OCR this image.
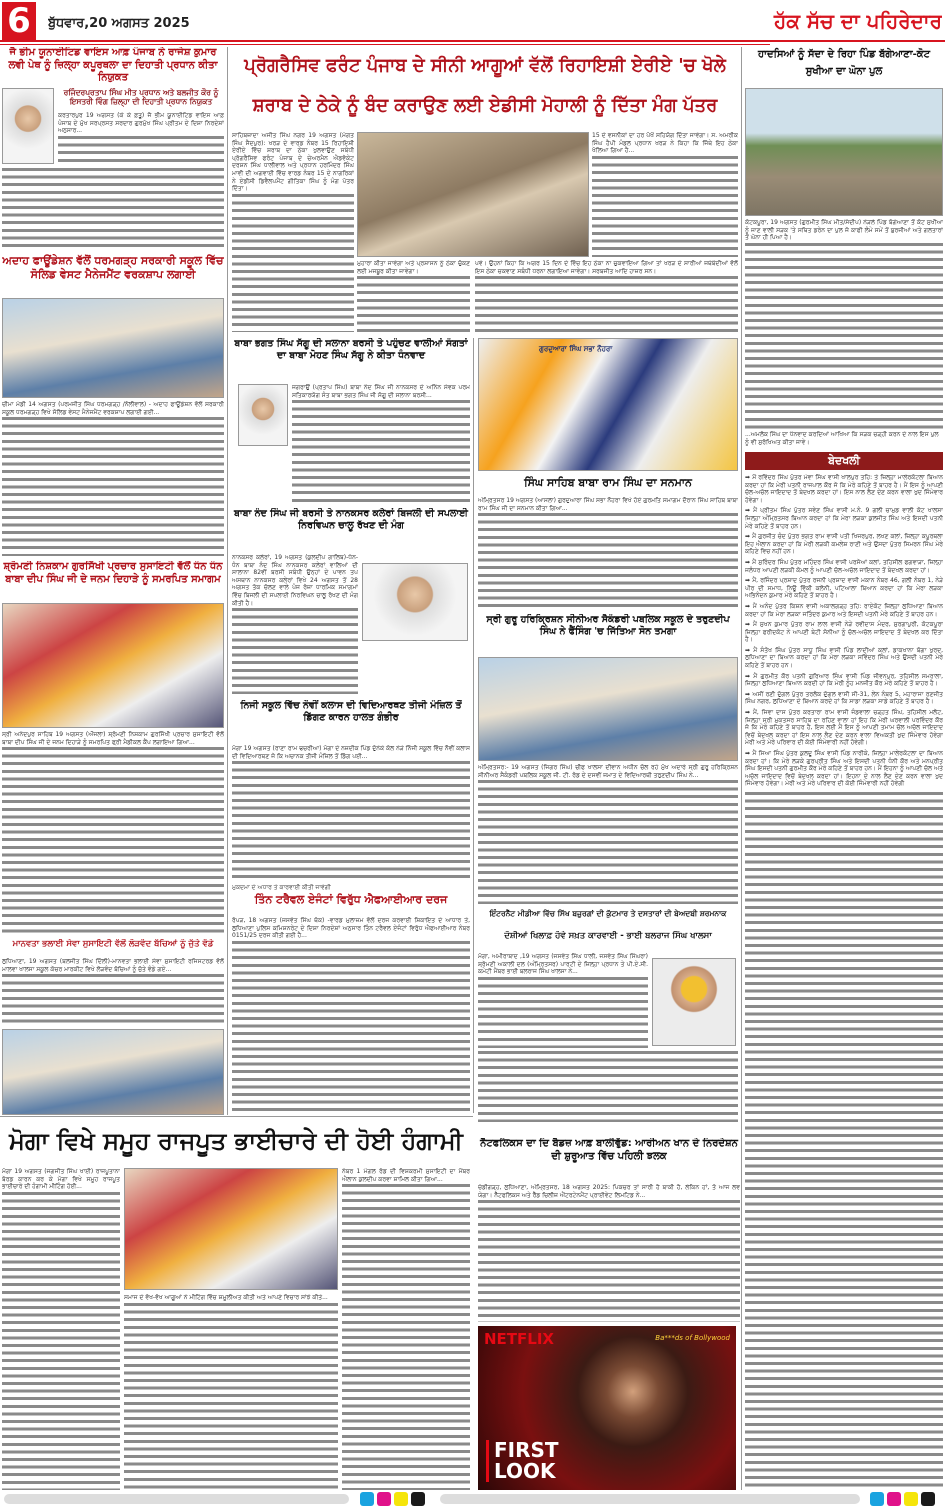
6	ਬੁੱਧਵਾਰ,20 ਅਗਸਤ 2025	ਹੱਕ ਸੱਚ ਦਾ ਪਹਿਰੇਦਾਰ
ਜੈ ਭੀਮ ਯੂਨਾਈਟਿਡ ਵਾਇਸ ਆਫ਼ ਪੰਜਾਬ ਨੇ ਰਾਜੇਸ਼ ਕੁਮਾਰ ਲਵੀ ਪੇਥ ਨੂੰ ਜ਼ਿਲ੍ਹਾ ਕਪੂਰਥਲਾ ਦਾ ਦਿਹਾਤੀ ਪ੍ਰਧਾਨ ਕੀਤਾ ਨਿਯੁਕਤ
ਰਜਿੰਦਰਪ੍ਰਤਾਪ ਸਿੰਘ ਮੀਤ ਪ੍ਰਧਾਨ ਅਤੇ ਬਲਜੀਤ ਕੌਰ ਨੂੰ ਇਸਤਰੀ ਵਿੰਗ ਜ਼ਿਲ੍ਹਾ ਦੀ ਦਿਹਾਤੀ ਪ੍ਰਧਾਨ ਨਿਯੁਕਤ

ਕਰਤਾਰਪੁਰ 19 ਅਗਸਤ (ਕੇ ਕੇ ਫ਼ਤੂ) ਜੈ ਭੀਮ ਯੂਨਾਈਟਿਡ ਵਾਇਸ ਆਫ਼ ਪੰਜਾਬ ਦੇ ਮੁੱਖ ਸਰਪ੍ਰਸਤ ਸਰਦਾਰ ਗੁਰਮੁੱਖ ਸਿੰਘ ਪ੍ਰੀਤਮ ਦੇ ਦਿਸ਼ਾ ਨਿਰਦੇਸ਼ਾਂ ਅਨੁਸਾਰ...

ਅਦਾਹ ਫਾਊਂਡੇਸ਼ਨ ਵੱਲੋਂ ਧਰਮਗੜ੍ਹ ਸਰਕਾਰੀ ਸਕੂਲ ਵਿੱਚ ਸੋਲਿਡ ਵੇਸਟ ਮੈਨੇਜਮੈਂਟ ਵਰਕਸ਼ਾਪ ਲਗਾਈ

ਚੀਮਾ ਮੰਡੀ 14 ਅਗਸਤ (ਪਰਮਜੀਤ ਸਿੰਘ ਧਰਮਗੜ੍ਹ /ਨੋਲੀਵਾਲ) - ਅਦਾਹ ਫਾਊਂਡੇਸ਼ਨ ਵੱਲੋਂ ਸਰਕਾਰੀ ਸਕੂਲ ਧਰਮਗੜ੍ਹ ਵਿਖੇ ਸੋਲਿਡ ਵੇਸਟ ਮੈਨੇਜਮੈਂਟ ਵਰਕਸ਼ਾਪ ਲਗਾਈ ਗਈ...

ਸ਼੍ਰੋਮਣੀ ਨਿਸ਼ਕਾਮ ਗੁਰਸਿੱਖੀ ਪ੍ਰਚਾਰ ਸੁਸਾਇਟੀ ਵੱਲੋਂ ਧੰਨ ਧੰਨ ਬਾਬਾ ਦੀਪ ਸਿੰਘ ਜੀ ਦੇ ਜਨਮ ਦਿਹਾੜੇ ਨੂੰ ਸਮਰਪਿਤ ਸਮਾਗਮ

ਸ੍ਰੀ ਅਨੰਦਪੁਰ ਸਾਹਿਬ 19 ਅਗਸਤ (ਔਜਲਾ) ਸ਼੍ਰੋਮਣੀ ਨਿਸ਼ਕਾਮ ਗੁਰਸਿੱਖੀ ਪ੍ਰਚਾਰ ਸੁਸਾਇਟੀ ਵੱਲੋਂ ਬਾਬਾ ਦੀਪ ਸਿੰਘ ਜੀ ਦੇ ਜਨਮ ਦਿਹਾੜੇ ਨੂੰ ਸਮਰਪਿਤ ਫ੍ਰੀ ਮੈਡੀਕਲ ਕੈਂਪ ਲਗਾਇਆ ਗਿਆ...

ਮਾਨਵਤਾ ਭਲਾਈ ਸੇਵਾ ਸੁਸਾਇਟੀ ਵੱਲੋਂ ਲੋੜਵੰਦ ਬੱਚਿਆਂ ਨੂੰ ਜੁੱਤੇ ਵੰਡੇ

ਲੁਧਿਆਣਾ, 19 ਅਗਸਤ (ਬਲਜੀਤ ਸਿੰਘ ਦਿੱਲੀ)-ਮਾਨਵਤਾ ਭਲਾਈ ਸੇਵਾ ਸੁਸਾਇਟੀ ਰਜਿਸਟਰਡ ਵੱਲੋਂ ਮਾਲਵਾ ਖਾਲਸਾ ਸਕੂਲ ਕੋਚਰ ਮਾਰਕੀਟ ਵਿਖੇ ਲੋੜਵੰਦ ਬੱਚਿਆਂ ਨੂੰ ਜੁੱਤੇ ਵੰਡੇ ਗਏ...

ਪ੍ਰੋਗਰੈਸਿਵ ਫਰੰਟ ਪੰਜਾਬ ਦੇ ਸੀਨੀ ਆਗੂਆਂ ਵੱਲੋਂ ਰਿਹਾਇਸ਼ੀ ਏਰੀਏ 'ਚ ਖੋਲੇ ਸ਼ਰਾਬ ਦੇ ਠੇਕੇ ਨੂੰ ਬੰਦ ਕਰਾਉਣ ਲਈ ਏਡੀਸੀ ਮੋਹਾਲੀ ਨੂੰ ਦਿੱਤਾ ਮੰਗ ਪੱਤਰ

ਸਾਹਿਬਜ਼ਾਦਾ ਅਜੀਤ ਸਿੰਘ ਨਗਰ 19 ਅਗਸਤ (ਮੰਗਤ ਸਿੰਘ ਸੈਦਪੁਰ): ਖਰੜ ਦੇ ਵਾਰਡ ਨੰਬਰ 15 ਰਿਹਾਇਸ਼ੀ ਏਰੀਏ ਵਿੱਚ ਸ਼ਰਾਬ ਦਾ ਠੇਕਾ ਖੁਲਵਾਉਣ ਸਬੰਧੀ ਪ੍ਰੋਗਰੈਸਿਵ ਫਰੰਟ ਪੰਜਾਬ ਦੇ ਚੇਅਰਮੈਨ ਐਡਵੋਕੇਟ ਦਰਸ਼ਨ ਸਿੰਘ ਧਾਲੀਵਾਲ ਅਤੇ ਪ੍ਰਧਾਨ ਹਰਮਿੰਦਰ ਸਿੰਘ ਮਾਵੀ ਦੀ ਅਗਵਾਈ ਵਿੱਚ ਵਾਰਡ ਨੰਬਰ 15 ਦੇ ਨਾਗਰਿਕਾਂ ਨੇ ਏਡੀਸੀ ਡਿਵੈਲਪਮੈਂਟ ਗੀਤਿਕਾ ਸਿੰਘ ਨੂੰ ਮੰਗ ਪੱਤਰ ਦਿੱਤਾ।

ਮੁਹਾਰਾ ਕੀਤਾ ਜਾਵੇਗਾ ਅਤੇ ਪ੍ਰਸ਼ਾਸਨ ਨੂੰ ਠੇਕਾ ਚੁੱਕਣ ਲਈ ਮਜਬੂਰ ਕੀਤਾ ਜਾਵੇਗਾ।

15 ਦੇ ਵਸਨੀਕਾਂ ਦਾ ਹਰ ਪੱਖੋਂ ਸਹਿਯੋਗ ਦਿੱਤਾ ਜਾਵੇਗਾ। ਸ. ਅਮਰੀਕ ਸਿੰਘ ਹੈਪੀ ਮੰਡਲ ਪ੍ਰਧਾਨ ਖਰੜ ਨੇ ਕਿਹਾ ਕਿ ਜਿੱਥੇ ਇਹ ਠੇਕਾ ਖੋਲਿਆ ਗਿਆ ਹੈ...

ਪਵੇ। ਉਹਨਾਂ ਕਿਹਾ ਕਿ ਅਗਰ 15 ਦਿਨ ਦੇ ਵਿੱਚ ਇਹ ਠੇਕਾ ਨਾ ਚੁਕਵਾਇਆ ਗਿਆ ਤਾਂ ਖਰੜ ਦੇ ਸਾਰੀਆਂ ਜਥੇਬੰਦੀਆਂ ਵੱਲੋਂ ਇਸ ਠੇਕਾ ਚਕਵਾਣ ਸਬੰਧੀ ਧਰਨਾ ਲਗਾਇਆ ਜਾਵੇਗਾ। ਸਰਬਜੀਤ ਆਦਿ ਹਾਜ਼ਰ ਸਨ।

ਬਾਬਾ ਭਗਤ ਸਿੰਘ ਸੱਗੂ ਦੀ ਸਲਾਨਾ ਬਰਸੀ ਤੇ ਪਹੁੰਚਣ ਵਾਲੀਆਂ ਸੰਗਤਾਂ ਦਾ ਬਾਬਾ ਮੋਹਣ ਸਿੰਘ ਸੱਗੂ ਨੇ ਕੀਤਾ ਧੰਨਵਾਦ

ਜਗਰਾਉਂ (ਪ੍ਰਤਾਪ ਸਿੰਘ) ਬਾਬਾ ਨੰਦ ਸਿੰਘ ਜੀ ਨਾਨਕਸਰ ਦੇ ਅਨਿੰਨ ਸੇਵਕ ਪਰਮ ਸਤਿਕਾਰਯੋਗ ਸੰਤ ਬਾਬਾ ਭਗਤ ਸਿੰਘ ਜੀ ਸੱਗੂ ਦੀ ਸਲਾਨਾ ਬਰਸੀ...

ਬਾਬਾ ਨੰਦ ਸਿੰਘ ਜੀ ਬਰਸੀ ਤੇ ਨਾਨਕਸਰ ਕਲੇਰਾਂ ਬਿਜਲੀ ਦੀ ਸਪਲਾਈ ਨਿਰਵਿਘਨ ਚਾਲੂ ਰੱਖਣ ਦੀ ਮੰਗ

ਨਾਨਕਸਰ ਕਲੇਰਾਂ, 19 ਅਗਸਤ (ਕੁਲਦੀਪ ਗਾਲਿਬ)-ਧੰਨ-ਧੰਨ ਬਾਬਾ ਨੰਦ ਸਿੰਘ ਨਾਨਕਸਰ ਕਲੇਰਾਂ ਵਾਲਿਆਂ ਦੀ ਸਾਲਾਨਾ 82ਵੀਂ ਬਰਸੀ ਸਬੰਧੀ ਉਨ੍ਹਾਂ ਦੇ ਪਾਵਨ ਤਪ ਅਸਥਾਨ ਨਾਨਕਸਰ ਕਲੇਰਾਂ ਵਿਖੇ 24 ਅਗਸਤ ਤੋਂ 28 ਅਗਸਤ ਤੱਕ ਚੱਲਣ ਵਾਲੇ ਪੰਜ ਰੋਜ਼ਾ ਧਾਰਮਿਕ ਸਮਾਗਮਾਂ ਵਿੱਚ ਬਿਜਲੀ ਦੀ ਸਪਲਾਈ ਨਿਰਵਿਘਨ ਚਾਲੂ ਰੱਖਣ ਦੀ ਮੰਗ ਕੀਤੀ ਹੈ।

ਨਿਜੀ ਸਕੂਲ ਵਿੱਚ ਨੌਵੀਂ ਕਲਾਸ ਦੀ ਵਿਦਿਆਰਥਣ ਤੀਜੀ ਮੰਜ਼ਿਲ ਤੋਂ ਡਿੱਗਣ ਕਾਰਨ ਹਾਲਤ ਗੰਭੀਰ

ਮੋਗਾ 19 ਅਗਸਤ (ਰਾਣਾ ਰਾਮ ਢਚਰੀਆ) ਮੋਗਾ ਦੇ ਨਜ਼ਦੀਕ ਪਿੰਡ ਦੁੱਨੇਕੇ ਕੋਲ ਨੇੜੇ ਨਿੱਜੀ ਸਕੂਲ ਵਿੱਚ ਨੌਵੀਂ ਕਲਾਸ ਦੀ ਵਿਦਿਆਰਥਣ ਜੋ ਕਿ ਅਚਾਨਕ ਤੀਜੀ ਮੰਜ਼ਿਲ ਤੋਂ ਡਿੱਗ ਪਈ...

ਮੁਕਦਮਾ ਦੇ ਅਧਾਰ ਤੇ ਕਾਰਵਾਈ ਕੀਤੀ ਜਾਵੇਗੀ
ਤਿੰਨ ਟਰੈਵਲ ਏਜੰਟਾਂ ਵਿਰੁੱਧ ਐਫਆਈਆਰ ਦਰਜ

ਰੋਪੜ, 18 ਅਗਸਤ (ਜਸਵੰਤ ਸਿੰਘ ਥੋਕ) -ਵਾਰਡ ਮੁਲਾਜ਼ਮ ਵੱਲੋਂ ਦਰਜ ਕਰਵਾਈ ਸ਼ਿਕਾਇਤ ਦੇ ਆਧਾਰ ਤੇ, ਲੁਧਿਆਣਾ ਪੁਲਿਸ ਕਮਿਸ਼ਨਰੇਟ ਦੇ ਦਿਸ਼ਾ ਨਿਰਦੇਸ਼ਾਂ ਅਨੁਸਾਰ ਤਿੰਨ ਟਰੈਵਲ ਏਜੰਟਾਂ ਵਿਰੁੱਧ ਐਫਆਈਆਰ ਨੰਬਰ 0151/25 ਦਰਜ ਕੀਤੀ ਗਈ ਹੈ...

ਗੁਰਦੁਆਰਾ ਸਿੰਘ ਸਭਾ ਨੌਹਰਾ
ਸਿੰਘ ਸਾਹਿਬ ਬਾਬਾ ਰਾਮ ਸਿੰਘ ਦਾ ਸਨਮਾਨ

ਅੰਮ੍ਰਿਤਸਰ 19 ਅਗਸਤ (ਆਸਲਾ) ਗੁਰਦੁਆਰਾ ਸਿੰਘ ਸਭਾ ਨੌਹਰਾ ਵਿਖੇ ਹੋਏ ਗੁਰਮਤਿ ਸਮਾਗਮ ਦੌਰਾਨ ਸਿੰਘ ਸਾਹਿਬ ਬਾਬਾ ਰਾਮ ਸਿੰਘ ਜੀ ਦਾ ਸਨਮਾਨ ਕੀਤਾ ਗਿਆ...

ਸ੍ਰੀ ਗੁਰੂ ਹਰਿਕ੍ਰਿਸ਼ਨ ਸੀਨੀਅਰ ਸੈਕੰਡਰੀ ਪਬਲਿਕ ਸਕੂਲ ਦੇ ਤਰੁਣਦੀਪ ਸਿੰਘ ਨੇ ਫੈਂਸਿੰਗ 'ਚ ਜਿੱਤਿਆ ਸੋਨ ਤਮਗਾ

ਅੰਮ੍ਰਿਤਸਰ:- 19 ਅਗਸਤ (ਜਿਗਰ ਸਿੰਘ) ਚੀਫ ਖਾਲਸਾ ਦੀਵਾਨ ਅਧੀਨ ਚੱਲ ਰਹੇ ਮੁੱਖ ਅਦਾਰੇ ਸ੍ਰੀ ਗੁਰੂ ਹਰਿਕ੍ਰਿਸ਼ਨ ਸੀਨੀਅਰ ਸੈਕੰਡਰੀ ਪਬਲਿਕ ਸਕੂਲ ਜੀ. ਟੀ. ਰੋਡ ਦੇ ਦਸਵੀਂ ਜਮਾਤ ਦੇ ਵਿਦਿਆਰਥੀ ਤਰੁਣਦੀਪ ਸਿੰਘ ਨੇ...

ਇੰਟਰਨੈੱਟ ਮੀਡੀਆ ਵਿੱਚ ਸਿੱਖ ਬਜ਼ੁਰਗਾਂ ਦੀ ਕੁੱਟਮਾਰ ਤੇ ਦਸਤਾਰਾਂ ਦੀ ਬੇਅਦਬੀ ਸ਼ਰਮਨਾਕ
ਦੋਸ਼ੀਆਂ ਖਿਲਾਫ਼ ਹੋਵੇ ਸਖ਼ਤ ਕਾਰਵਾਈ - ਭਾਈ ਬਲਰਾਜ ਸਿੰਘ ਖਾਲਸਾ

ਮੋਗਾ, ਅਮੀਰਾਬਾਦ ,19 ਅਗਸਤ (ਜਸਵੰਤ ਸਿੰਘ ਧਾਲੀ, ਜਸਵੰਤ ਸਿੰਘ ਸਿੰਘਰਾ) ਸ਼੍ਰੋਮਣੀ ਅਕਾਲੀ ਦਲ (ਅੰਮ੍ਰਿਤਸਰ) ਪਾਰਟੀ ਦੇ ਜ਼ਿਲ੍ਹਾ ਪ੍ਰਧਾਨ ਤੇ ਪੀ.ਏ.ਸੀ. ਕਮੇਟੀ ਮੈਂਬਰ ਭਾਈ ਬਲਰਾਜ ਸਿੰਘ ਖਾਲਸਾ ਨੇ...

ਮੋਗਾ ਵਿਖੇ ਸਮੂਹ ਰਾਜਪੂਤ ਭਾਈਚਾਰੇ ਦੀ ਹੋਈ ਹੰਗਾਮੀ

ਮੋਗਾ 19 ਅਗਸਤ (ਜਗਜੀਤ ਸਿੰਘ ਖਾਈ) ਰਾਜਪੂਤਾਨਾ ਬੋਰਡ ਕਾਰਨ ਕਰ ਕੇ ਮੋਗਾ ਵਿਖੇ ਸਮੂਹ ਰਾਜਪੂਤ ਭਾਈਚਾਰੇ ਦੀ ਹੰਗਾਮੀ ਮੀਟਿੰਗ ਹੋਈ...

ਨੰਬਰ 1 ਮੰਗਲ ਰੋਡ ਦੀ ਵਿਸ਼ਕਰਮੀ ਸੁਸਾਇਟੀ ਦਾ ਮੈਂਬਰ ਐਲਾਨ ਕੁਲਦੀਪ ਕਰਵਾ ਸ਼ਾਮਿਲ ਕੀਤਾ ਗਿਆ...

ਸਮਾਜ ਦੇ ਵੱਖ-ਵੱਖ ਆਗੂਆਂ ਨੇ ਮੀਟਿੰਗ ਵਿੱਚ ਸ਼ਮੂਲੀਅਤ ਕੀਤੀ ਅਤੇ ਆਪਣੇ ਵਿਚਾਰ ਸਾਂਝੇ ਕੀਤੇ...

ਨੈੱਟਫਲਿਕਸ ਦਾ ਦਿ ਬੈਡਜ਼ ਆਫ਼ ਬਾਲੀਵੁੱਡ: ਆਰੀਅਨ ਖਾਨ ਦੇ ਨਿਰਦੇਸ਼ਨ ਦੀ ਸ਼ੁਰੂਆਤ ਵਿੱਚ ਪਹਿਲੀ ਝਲਕ

ਚੰਡੀਗੜ੍ਹ, ਲੁਧਿਆਣਾ, ਅੰਮ੍ਰਿਤਸਰ, 18 ਅਗਸਤ 2025: ਪਿਕਚਰ ਤਾਂ ਸਾਰੀ ਹੈ ਬਾਕੀ ਹੈ, ਲੇਕਿਨ ਹਾਂ, ਤੋ ਆਜ ਲਵ ਯੇਗਾ। ਨੈੱਟਫਲਿਕਸ ਅਤੇ ਰੈੱਡ ਚਿਲੀਜ਼ ਐਂਟਰਟੇਨਮੈਂਟ ਪ੍ਰਾਈਵੇਟ ਲਿਮਟਿਡ ਨੇ...

NETFLIX	Ba***ds of Bollywood
FIRST
LOOK
ਹਾਦਸਿਆਂ ਨੂੰ ਸੱਦਾ ਦੇ ਰਿਹਾ ਪਿੰਡ ਬੱਗੇਆਣਾ-ਕੋਟ ਸੁਖੀਆ ਦਾ ਘੋਨਾ ਪੁਲ

ਕੋਟਕਪੂਰਾ, 19 ਅਗਸਤ (ਗੁਰਮੀਤ ਸਿੰਘ ਮੀਤ/ਸੰਦੀਪ) ਨੇੜਲੇ ਪਿੰਡ ਬੱਗੇਆਣਾ ਤੋਂ ਕੋਟ ਸੁਖੀਆ ਨੂੰ ਜਾਣ ਵਾਲੀ ਸੜਕ 'ਤੇ ਸਥਿਤ ਡਰੇਨ ਦਾ ਪੁਲ ਜੋ ਕਾਫੀ ਲੰਮੇ ਸਮੇਂ ਤੋਂ ਬੁਰਜੀਆਂ ਅਤੇ ਗਲਤਾਰਾਂ ਤੋਂ ਘੋਨਾ ਹੀ ਪਿਆ ਹੈ।

...ਅਮਲੋਕ ਸਿੰਘ ਦਾ ਧੰਨਵਾਦ ਕਰਦਿਆਂ ਆਖਿਆ ਕਿ ਸੜਕ ਚੜ੍ਹੀ ਕਰਨ ਦੇ ਨਾਲ ਇਸ ਪੁਲ ਨੂੰ ਵੀ ਸੁਰੱਖਿਅਤ ਕੀਤਾ ਜਾਵੇ।
ਬੇਦਖਲੀ

➡ ਮੈਂ ਰਵਿੰਦਰ ਸਿੰਘ ਪੁੱਤਰ ਮੇਵਾ ਸਿੰਘ ਵਾਸੀ ਖਾਲਪੁਰ ਤਹਿ: ਤੇ ਜ਼ਿਲ੍ਹਾ ਮਾਲੇਰਕੋਟਲਾ ਬਿਆਨ ਕਰਦਾ ਹਾਂ ਕਿ ਮੇਰੀ ਪਤਨੀ ਰਾਜਪਾਲ ਕੌਰ ਜੋ ਕਿ ਮੇਰੇ ਕਹਿਣੇ ਤੋਂ ਬਾਹਰ ਹੈ। ਮੈਂ ਇਸ ਨੂੰ ਆਪਣੀ ਚੱਲ-ਅਚੱਲ ਜਾਇਦਾਦ ਤੋਂ ਬੇਦਖਲ ਕਰਦਾ ਹਾਂ। ਇਸ ਨਾਲ ਲੈਣ ਦੇਣ ਕਰਨ ਵਾਲਾ ਖੁਦ ਜਿੰਮੇਵਾਰ ਹੋਵੇਗਾ।

➡ ਮੈਂ ਪ੍ਰੀਤਮ ਸਿੰਘ ਪੁੱਤਰ ਸਵੇਣ ਸਿੰਘ ਵਾਸੀ ਮ.ਨੰ. 9 ਗਲੀ ਚਾਮੁਡ ਵਾਲੀ ਕੋਟ ਖਾਲਸਾ ਜ਼ਿਲ੍ਹਾ ਅੰਮ੍ਰਿਤਸਰ ਬਿਆਨ ਕਰਦਾ ਹਾਂ ਕਿ ਮੇਰਾ ਲੜਕਾ ਕੁਲਜੀਤ ਸਿੰਘ ਅਤੇ ਇਸਦੀ ਪਤਨੀ ਮੇਰੇ ਕਹਿਣੇ ਤੋਂ ਬਾਹਰ ਹਨ।

➡ ਮੈਂ ਗੁਰਜੀਤ ਚੰਦ ਪੁੱਤਰ ਭਗਤ ਰਾਮ ਵਾਸੀ ਪਤੀ ਖਿਜਰਪੁਰ, ਲਖਣ ਕਲਾਂ, ਜ਼ਿਲ੍ਹਾ ਕਪੂਰਥਲਾ ਇਹ ਐਲਾਨ ਕਰਦਾ ਹਾਂ ਕਿ ਮੇਰੀ ਲੜਕੀ ਕਮਲੇਸ਼ ਰਾਣੀ ਅਤੇ ਉਸਦਾ ਪੁੱਤਰ ਸਿਮਰਨ ਸਿੰਘ ਮੇਰੇ ਕਹਿਣੇ ਵਿਚ ਨਹੀਂ ਹਨ।

➡ ਮੈਂ ਸੁਰਿੰਦਰ ਸਿੰਘ ਪੁੱਤਰ ਮਹਿੰਦਰ ਸਿੰਘ ਵਾਸੀ ਪਰਸੋਆਂ ਕਲਾਂ, ਤਹਿਸੀਲ ਫਗਵਾੜਾ, ਜ਼ਿਲ੍ਹਾ ਜਲੰਧਰ ਆਪਣੀ ਲੜਕੀ ਕੋਮਲ ਨੂੰ ਆਪਣੀ ਚੱਲ-ਅਚੱਲ ਜਾਇਦਾਦ ਤੋਂ ਬੇਦਖਲ ਕਰਦਾ ਹਾਂ।

➡ ਮੈਂ, ਰਜਿੰਦਰ ਪ੍ਰਸ਼ਾਦ ਪੁੱਤਰ ਰਜਨੀ ਪ੍ਰਸ਼ਾਦ ਵਾਸੀ ਮਕਾਨ ਨੰਬਰ 46, ਗਲੀ ਨੰਬਰ 1, ਨੇੜੇ ਪੀਰ ਦੀ ਸਮਾਧ, ਨਿਊ ਵਿੱਕੀ ਕਲੋਨੀ, ਪਟਿਆਲਾ ਬਿਆਨ ਕਰਦਾ ਹਾਂ ਕਿ ਮੇਰਾ ਲੜਕਾ ਅਭਿਨੰਦਨ ਕੁਮਾਰ ਮੇਰੇ ਕਹਿਣੇ ਤੋਂ ਬਾਹਰ ਹੈ।

➡ ਮੈਂ ਅਨੰਦ ਪੁੱਤਰ ਕਿਸ਼ਨ ਵਾਸੀ ਅਕਾਲਗੜ੍ਹ ਤਹਿ: ਰਾਏਕੋਟ ਜ਼ਿਲ੍ਹਾ ਲੁਧਿਆਣਾ ਬਿਆਨ ਕਰਦਾ ਹਾਂ ਕਿ ਮੇਰਾ ਲੜਕਾ ਜਤਿੰਦਰ ਕੁਮਾਰ ਅਤੇ ਇਸਦੀ ਪਤਨੀ ਮੇਰੇ ਕਹਿਣੇ ਤੋਂ ਬਾਹਰ ਹਨ।

➡ ਮੈਂ ਸੁਖਨ ਕੁਮਾਰ ਪੁੱਤਰ ਰਾਮ ਲਾਲ ਵਾਸੀ ਨੇੜੇ ਰਵੀਦਾਸ ਮੰਦਰ, ਸੁਰਗਾਪੁਰੀ, ਕੋਟਕਪੂਰਾ ਜ਼ਿਲ੍ਹਾ ਫਰੀਦਕੋਟ ਨੇ ਆਪਣੀ ਬੇਟੀ ਸੋਨੀਆ ਨੂੰ ਚੱਲ-ਅਚੱਲ ਜਾਇਦਾਦ ਤੋਂ ਬੇਦਖਲ ਕਰ ਦਿੱਤਾ ਹੈ।

➡ ਮੈਂ ਸੰਤੋਖ ਸਿੰਘ ਪੁੱਤਰ ਸਾਧੂ ਸਿੰਘ ਵਾਸੀ ਪਿੰਡ ਲਾਦੀਆਂ ਕਲਾਂ, ਡਾਕਖਾਨਾ ਬੱਗਾ ਖੁਰਦ, ਲੁਧਿਆਣਾ ਦਾ ਬਿਆਨ ਕਰਦਾ ਹਾਂ ਕਿ ਮੇਰਾ ਲੜਕਾ ਸਵਿੰਦਰ ਸਿੰਘ ਅਤੇ ਉਸਦੀ ਪਤਨੀ ਮੇਰੇ ਕਹਿਣੇ ਤੋਂ ਬਾਹਰ ਹਨ।

➡ ਮੈਂ ਗੁਰਮੀਤ ਕੌਰ ਪਤਨੀ ਗੁਰਿਆਰ ਸਿੰਘ ਵਾਸੀ ਪਿੰਡ ਜੀਵਨਪੁਰ, ਤਹਿਸੀਲ ਸਮਰਾਲਾ, ਜ਼ਿਲ੍ਹਾ ਲੁਧਿਆਣਾ ਬਿਆਨ ਕਰਦੀ ਹਾਂ ਕਿ ਮੇਰੀ ਨੂੰਹ ਮਨਜੀਤ ਕੌਰ ਮੇਰੇ ਕਹਿਣੇ ਤੋਂ ਬਾਹਰ ਹੈ।

➡ ਅਸੀਂ ਰਣੀ ਦੁੱਗਲ ਪੁੱਤਰ ਤਰਲੋਕ ਦੁੱਗਲ ਵਾਸੀ ਸੀ-31, ਲੇਨ ਨੰਬਰ 5, ਮਹਾਰਾਜਾ ਰਣਜੀਤ ਸਿੰਘ ਨਗਰ, ਲੁਧਿਆਣਾ ਦੇ ਬਿਆਨ ਕਰਦੇ ਹਾਂ ਕਿ ਸਾਡਾ ਲੜਕਾ ਸਾਡੇ ਕਹਿਣੇ ਤੋਂ ਬਾਹਰ ਹੈ।

➡ ਮੈਂ, ਜਿਵਾ ਦਾਸ ਪੁੱਤਰ ਕਰਤਾਰਾ ਰਾਮ ਵਾਸੀ ਜੰਡਵਾਲਾ ਚੜ੍ਹਤ ਸਿੰਘ, ਤਹਿਸੀਲ ਮਲੋਟ, ਜ਼ਿਲ੍ਹਾ ਸ੍ਰੀ ਮੁਕਤਸਰ ਸਾਹਿਬ ਦਾ ਰਹਿਣ ਵਾਲਾ ਹਾਂ ਇਹ ਕਿ ਮੇਰੀ ਘਰਵਾਲੀ ਪਰਵਿੰਦਰ ਕੌਰ ਜੋ ਕਿ ਮੇਰੇ ਕਹਿਣੇ ਤੋਂ ਬਾਹਰ ਹੈ, ਇਸ ਲਈ ਮੈਂ ਇਸ ਨੂੰ ਆਪਣੀ ਤਮਾਮ ਚੱਲ ਅਚੱਲ ਜਾਇਦਾਦ ਵਿਚੋਂ ਬੇਦਖਲ ਕਰਦਾ ਹਾਂ ਇਸ ਨਾਲ ਲੈਣ ਦੇਣ ਕਰਨ ਵਾਲਾ ਵਿਅਕਤੀ ਖੁਦ ਜਿੰਮੇਵਾਰ ਹੋਵੇਗਾ ਮੇਰੀ ਅਤੇ ਮੇਰੇ ਪਰਿਵਾਰ ਦੀ ਕੋਈ ਜਿੰਮੇਵਾਰੀ ਨਹੀਂ ਹੋਵੇਗੀ।

➡ ਮੈਂ ਸਿਆ ਸਿੰਘ ਪੁੱਤਰ ਕੁਲਦੂ ਸਿੰਘ ਵਾਸੀ ਪਿੰਡ ਨਾਰੀਕੇ, ਜ਼ਿਲ੍ਹਾ ਮਾਲੇਰਕੋਟਲਾ ਦਾ ਬਿਆਨ ਕਰਦਾ ਹਾਂ। ਕਿ ਮੇਰੇ ਲੜਕੇ ਗੁਰਪ੍ਰੀਤ ਸਿੰਘ ਅਤੇ ਇਸਦੀ ਪਤਨੀ ਧੰਨੀ ਕੌਰ ਅਤੇ ਮਨਪ੍ਰੀਤ ਸਿੰਘ ਇਸਦੀ ਪਤਨੀ ਗੁਰਮੀਤ ਕੌਰ ਮੇਰੇ ਕਹਿਣੇ ਤੋਂ ਬਾਹਰ ਹਨ। ਮੈਂ ਇਹਨਾ ਨੂੰ ਆਪਣੀ ਚੱਲ ਅਤੇ ਅਚੱਲ ਜਾਇਦਾਦ ਵਿਚੋਂ ਬੇਦਖਲ ਕਰਦਾ ਹਾਂ। ਇਹਨਾ ਦੇ ਨਾਲ ਲੈਣ ਦੇਣ ਕਰਨ ਵਾਲਾ ਖੁਦ ਜਿੰਮੇਵਾਰ ਹੋਵੇਗਾ। ਮੇਰੀ ਅਤੇ ਮੇਰੇ ਪਰਿਵਾਰ ਦੀ ਕੋਈ ਜਿੰਮੇਵਾਰੀ ਨਹੀਂ ਹੋਵੇਗੀ
